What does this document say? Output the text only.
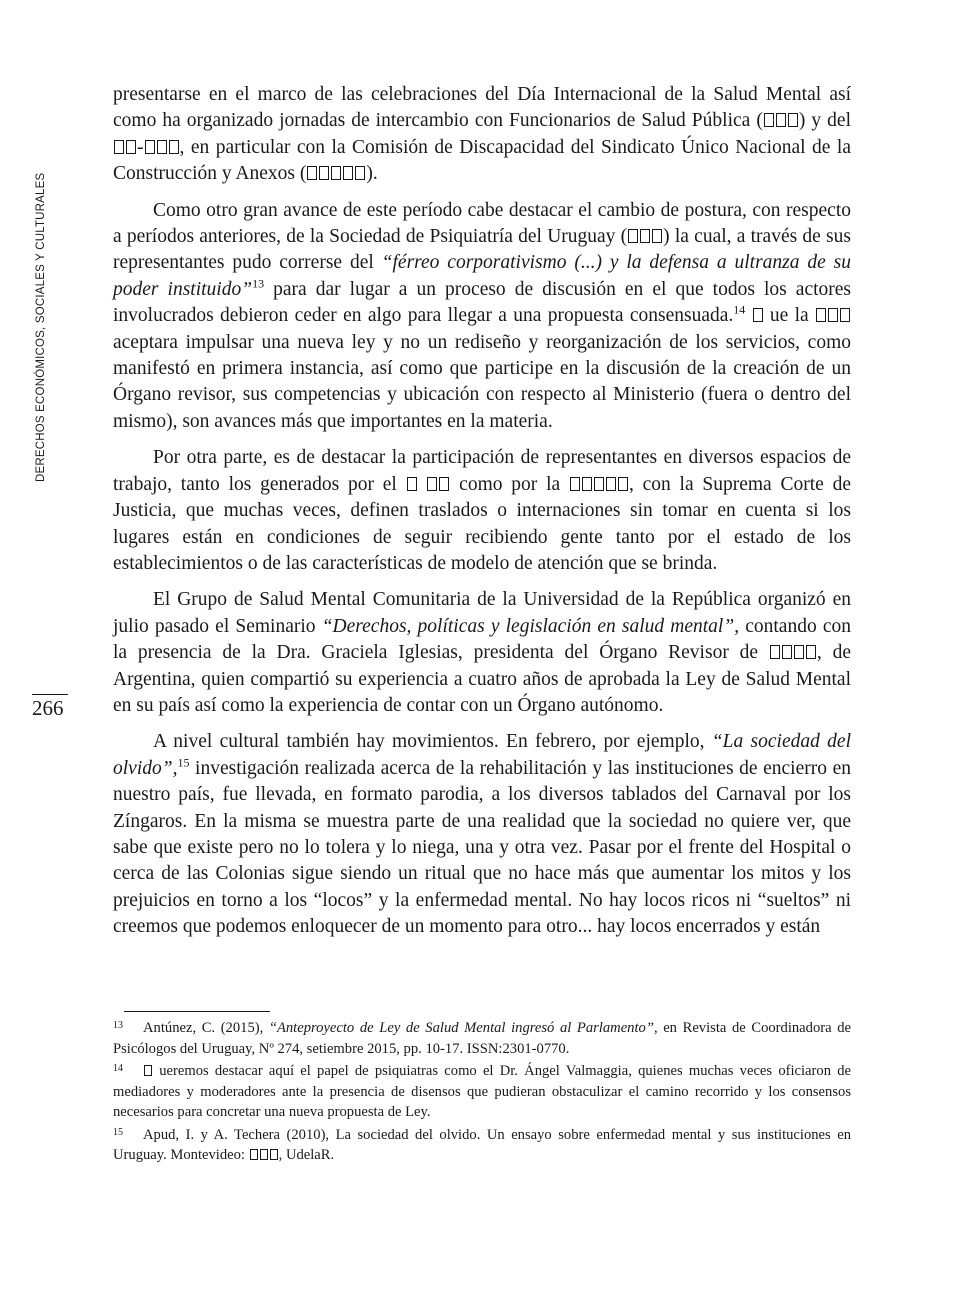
DERECHOS ECONÓMICOS, SOCIALES Y CULTURALES
266

presentarse en el marco de las celebraciones del Día Internacional de la Salud Mental así como ha organizado jornadas de intercambio con Funcionarios de Salud Pública ( ) y del - , en particular con la Comisión de Discapacidad del Sindicato Único Nacional de la Construcción y Anexos (	).

Como otro gran avance de este período cabe destacar el cambio de postura, con respecto a períodos anteriores, de la Sociedad de Psiquiatría del Uruguay ( ) la cual, a través de sus representantes pudo correrse del “férreo corporativismo (...) y la defensa a ultranza de su poder instituido”$^{13}$ para dar lugar a un proceso de discusión en el que todos los actores involucrados debieron ceder en algo para llegar a una propuesta consensuada.$^{14}$  ue la  aceptara impulsar una nueva ley y no un rediseño y reorganización de los servicios, como manifestó en primera instancia, así como que participe en la discusión de la creación de un Órgano revisor, sus competencias y ubicación con respecto al Ministerio (fuera o dentro del mismo), son avances más que importantes en la materia.

Por otra parte, es de destacar la participación de representantes en diversos espacios de trabajo, tanto los generados por el   como por la	, con la Suprema Corte de Justicia, que muchas veces, definen traslados o internaciones sin tomar en cuenta si los lugares están en condiciones de seguir recibiendo gente tanto por el estado de los establecimientos o de las características de modelo de atención que se brinda.

El Grupo de Salud Mental Comunitaria de la Universidad de la República organizó en julio pasado el Seminario “Derechos, políticas y legislación en salud mental”, contando con la presencia de la Dra. Graciela Iglesias, presidenta del Órgano Revisor de , de Argentina, quien compartió su experiencia a cuatro años de aprobada la Ley de Salud Mental en su país así como la experiencia de contar con un Órgano autónomo.

A nivel cultural también hay movimientos. En febrero, por ejemplo, “La sociedad del olvido”,$^{15}$ investigación realizada acerca de la rehabilitación y las instituciones de encierro en nuestro país, fue llevada, en formato parodia, a los diversos tablados del Carnaval por los Zíngaros. En la misma se muestra parte de una realidad que la sociedad no quiere ver, que sabe que existe pero no lo tolera y lo niega, una y otra vez. Pasar por el frente del Hospital o cerca de las Colonias sigue siendo un ritual que no hace más que aumentar los mitos y los prejuicios en torno a los “locos” y la enfermedad mental. No hay locos ricos ni “sueltos” ni creemos que podemos enloquecer de un momento para otro... hay locos encerrados y están

13 Antúnez, C. (2015), “Anteproyecto de Ley de Salud Mental ingresó al Parlamento”, en Revista de Coordinadora de Psicólogos del Uruguay, Nº 274, setiembre 2015, pp. 10-17. ISSN:2301-0770.

14 ueremos destacar aquí el papel de psiquiatras como el Dr. Ángel Valmaggia, quienes muchas veces oficiaron de mediadores y moderadores ante la presencia de disensos que pudieran obstaculizar el camino recorrido y los consensos necesarios para concretar una nueva propuesta de Ley.

15 Apud, I. y A. Techera (2010), La sociedad del olvido. Un ensayo sobre enfermedad mental y sus instituciones en Uruguay. Montevideo: , UdelaR.
